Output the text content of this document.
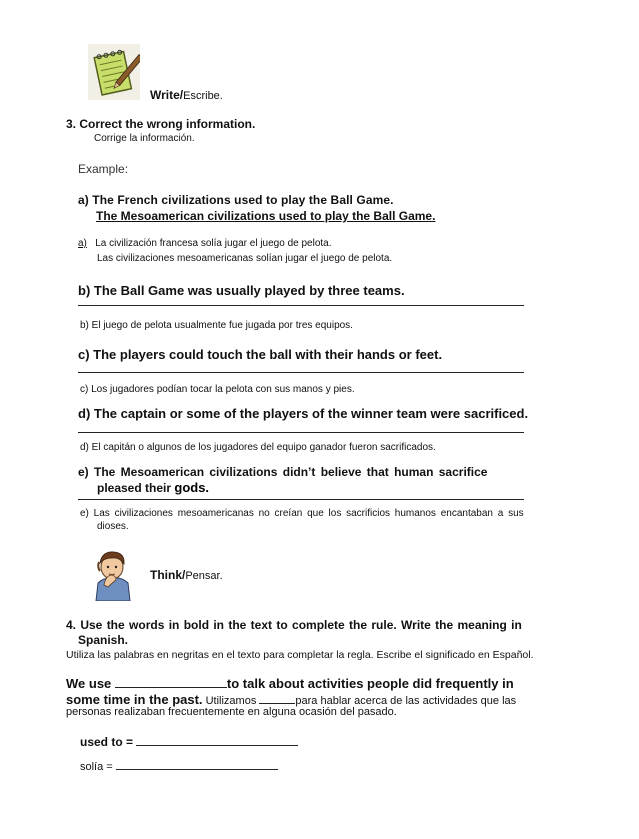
Write/Escribe.
3. Correct the wrong information.
Corrige la información.
Example:
a) The French civilizations used to play the Ball Game.
The Mesoamerican civilizations used to play the Ball Game.
a) La civilización francesa solía jugar el juego de pelota.
Las civilizaciones mesoamericanas solían jugar el juego de pelota.
b) The Ball Game was usually played by three teams.
b) El juego de pelota usualmente fue jugada por tres equipos.
c) The players could touch the ball with their hands or feet.
c) Los jugadores podían tocar la pelota con sus manos y pies.
d) The captain or some of the players of the winner team were sacrificed.
d) El capitán o algunos de los jugadores del equipo ganador fueron sacrificados.
e) The Mesoamerican civilizations didn’t believe that human sacrifice
pleased their gods.
e) Las civilizaciones mesoamericanas no creían que los sacrificios humanos encantaban a sus
dioses.
Think/Pensar.
4. Use the words in bold in the text to complete the rule. Write the meaning in
Spanish.
Utiliza las palabras en negritas en el texto para completar la regla. Escribe el significado en Español.
We use	to talk about activities people did frequently in
some time in the past. Utilizamos	para hablar acerca de las actividades que las
personas realizaban frecuentemente en alguna ocasión del pasado.
used to =
solía =
